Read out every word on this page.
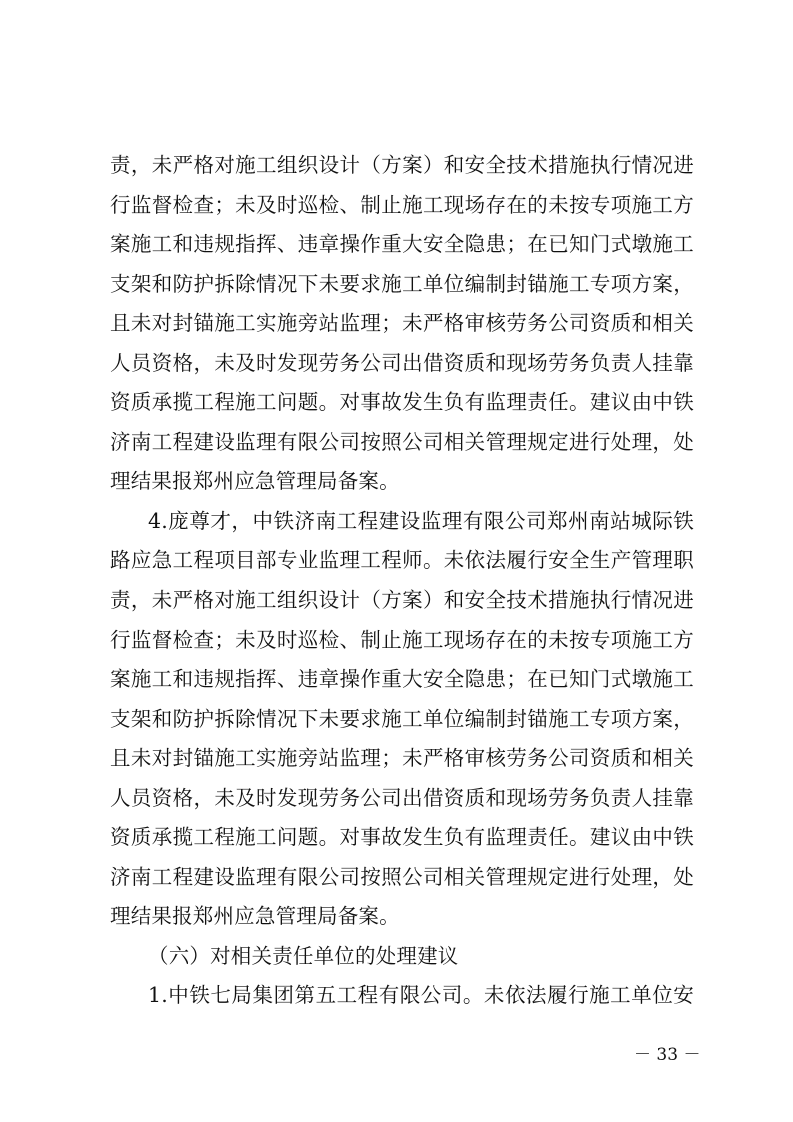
责，未严格对施工组织设计（方案）和安全技术措施执行情况进
行监督检查；未及时巡检、制止施工现场存在的未按专项施工方
案施工和违规指挥、违章操作重大安全隐患；在已知门式墩施工
支架和防护拆除情况下未要求施工单位编制封锚施工专项方案，
且未对封锚施工实施旁站监理；未严格审核劳务公司资质和相关
人员资格，未及时发现劳务公司出借资质和现场劳务负责人挂靠
资质承揽工程施工问题。对事故发生负有监理责任。建议由中铁
济南工程建设监理有限公司按照公司相关管理规定进行处理，处
理结果报郑州应急管理局备案。
4.庞尊才，中铁济南工程建设监理有限公司郑州南站城际铁
路应急工程项目部专业监理工程师。未依法履行安全生产管理职
责，未严格对施工组织设计（方案）和安全技术措施执行情况进
行监督检查；未及时巡检、制止施工现场存在的未按专项施工方
案施工和违规指挥、违章操作重大安全隐患；在已知门式墩施工
支架和防护拆除情况下未要求施工单位编制封锚施工专项方案，
且未对封锚施工实施旁站监理；未严格审核劳务公司资质和相关
人员资格，未及时发现劳务公司出借资质和现场劳务负责人挂靠
资质承揽工程施工问题。对事故发生负有监理责任。建议由中铁
济南工程建设监理有限公司按照公司相关管理规定进行处理，处
理结果报郑州应急管理局备案。
（六）对相关责任单位的处理建议
1.中铁七局集团第五工程有限公司。未依法履行施工单位安
－ 33 －
